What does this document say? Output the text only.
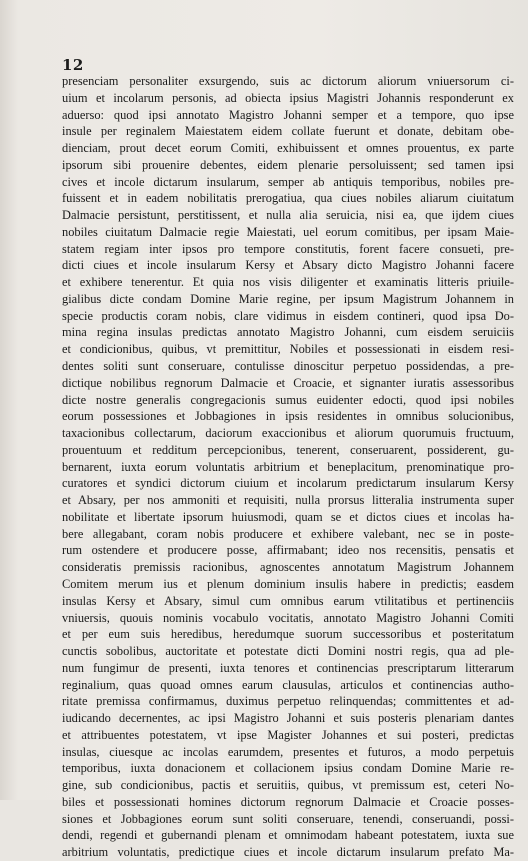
12
presenciam personaliter exsurgendo, suis ac dictorum aliorum vniuersorum ci-
uium et incolarum personis, ad obiecta ipsius Magistri Johannis responderunt ex
aduerso: quod ipsi annotato Magistro Johanni semper et a tempore, quo ipse
insule per reginalem Maiestatem eidem collate fuerunt et donate, debitam obe-
dienciam, prout decet eorum Comiti, exhibuissent et omnes prouentus, ex parte
ipsorum sibi prouenire debentes, eidem plenarie persoluissent; sed tamen ipsi
cives et incole dictarum insularum, semper ab antiquis temporibus, nobiles pre-
fuissent et in eadem nobilitatis prerogatiua, qua ciues nobiles aliarum ciuitatum
Dalmacie persistunt, perstitissent, et nulla alia seruicia, nisi ea, que ijdem ciues
nobiles ciuitatum Dalmacie regie Maiestati, uel eorum comitibus, per ipsam Maie-
statem regiam inter ipsos pro tempore constitutis, forent facere consueti, pre-
dicti ciues et incole insularum Kersy et Absary dicto Magistro Johanni facere
et exhibere tenerentur. Et quia nos visis diligenter et examinatis litteris priuile-
gialibus dicte condam Domine Marie regine, per ipsum Magistrum Johannem in
specie productis coram nobis, clare vidimus in eisdem contineri, quod ipsa Do-
mina regina insulas predictas annotato Magistro Johanni, cum eisdem seruiciis
et condicionibus, quibus, vt premittitur, Nobiles et possessionati in eisdem resi-
dentes soliti sunt conseruare, contulisse dinoscitur perpetuo possidendas, a pre-
dictique nobilibus regnorum Dalmacie et Croacie, et signanter iuratis assessoribus
dicte nostre generalis congregacionis sumus euidenter edocti, quod ipsi nobiles
eorum possessiones et Jobbagiones in ipsis residentes in omnibus solucionibus,
taxacionibus collectarum, daciorum exaccionibus et aliorum quorumuis fructuum,
prouentuum et redditum percepcionibus, tenerent, conseruarent, possiderent, gu-
bernarent, iuxta eorum voluntatis arbitrium et beneplacitum, prenominatique pro-
curatores et syndici dictorum ciuium et incolarum predictarum insularum Kersy
et Absary, per nos ammoniti et requisiti, nulla prorsus litteralia instrumenta super
nobilitate et libertate ipsorum huiusmodi, quam se et dictos ciues et incolas ha-
bere allegabant, coram nobis producere et exhibere valebant, nec se in poste-
rum ostendere et producere posse, affirmabant; ideo nos recensitis, pensatis et
consideratis premissis racionibus, agnoscentes annotatum Magistrum Johannem
Comitem merum ius et plenum dominium insulis habere in predictis; easdem
insulas Kersy et Absary, simul cum omnibus earum vtilitatibus et pertinenciis
vniuersis, quouis nominis vocabulo vocitatis, annotato Magistro Johanni Comiti
et per eum suis heredibus, heredumque suorum successoribus et posteritatum
cunctis sobolibus, auctoritate et potestate dicti Domini nostri regis, qua ad ple-
num fungimur de presenti, iuxta tenores et continencias prescriptarum litterarum
reginalium, quas quoad omnes earum clausulas, articulos et continencias autho-
ritate premissa confirmamus, duximus perpetuo relinquendas; committentes et ad-
iudicando decernentes, ac ipsi Magistro Johanni et suis posteris plenariam dantes
et attribuentes potestatem, vt ipse Magister Johannes et sui posteri, predictas
insulas, ciuesque ac incolas earumdem, presentes et futuros, a modo perpetuis
temporibus, iuxta donacionem et collacionem ipsius condam Domine Marie re-
gine, sub condicionibus, pactis et seruitiis, quibus, vt premissum est, ceteri No-
biles et possessionati homines dictorum regnorum Dalmacie et Croacie posses-
siones et Jobbagiones eorum sunt soliti conseruare, tenendi, conseruandi, possi-
dendi, regendi et gubernandi plenam et omnimodam habeant potestatem, iuxta sue
arbitrium voluntatis, predictique ciues et incole dictarum insularum prefato Ma-
